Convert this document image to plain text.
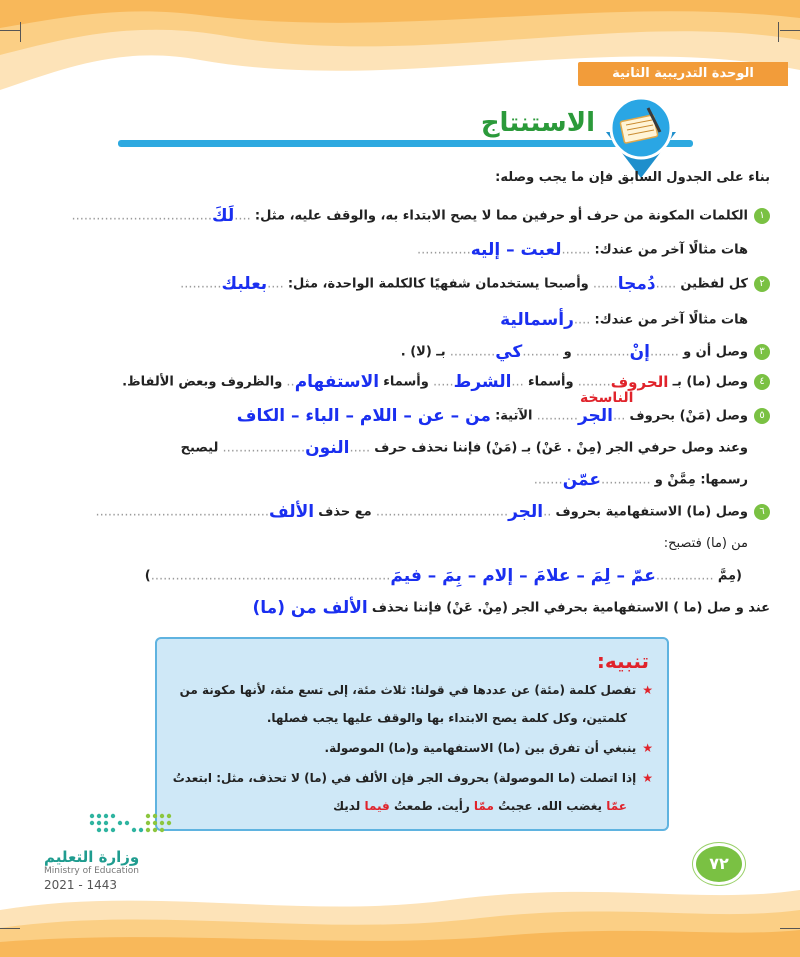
الوحدة التدريبية الثانية
الاستنتاج
بناء على الجدول السابق فإن ما يجب وصله:
١الكلمات المكونة من حرف أو حرفين مما لا يصح الابتداء به، والوقف عليه، مثل: ....لَكَ..................................
هات مثالًا آخر من عندك: .......لعبت – إليه.............
٢كل لفظين .....دُمجا...... وأصبحا يستخدمان شفهيًا كالكلمة الواحدة، مثل: ....بعلبك..........
هات مثالًا آخر من عندك: ....رأسمالية
٣وصل أن و .......إنْ............. و .........كي........... بـ (لا) .
٤وصل (ما) بـ الحروف........ وأسماء ...الشرط..... وأسماء الاستفهام.. والظروف وبعض الألفاظ.
٥وصل (مَنْ) بحروف
الناسخة
...الجر.......... الآتية: من – عن – اللام – الباء – الكاف
وعند وصل حرفي الجر (مِنْ . عَنْ) بـ (مَنْ) فإننا نحذف حرف .....النون.................... ليصبح
رسمها: مِمَّنْ و ............عمّن.......
٦وصل (ما) الاستفهامية بحروف ..الجر................................ مع حذف الألف..........................................
من (ما) فتصبح:
(مِمَّ ..............عمّ – لِمَ – علامَ – إلام – بِمَ – فيمَ..........................................................)
عند و صل (ما ) الاستفهامية بحرفي الجر (مِنْ. عَنْ) فإننا نحذف الألف من (ما)
تنبيه:
★تفصل كلمة (مئة) عن عددها في قولنا: ثلاث مئة، إلى تسع مئة، لأنها مكونة من
كلمتين، وكل كلمة يصح الابتداء بها والوقف عليها يجب فصلها.
★ينبغي أن تفرق بين (ما) الاستفهامية و(ما) الموصولة.
★إذا اتصلت (ما الموصولة) بحروف الجر فإن الألف في (ما) لا تحذف، مثل: ابتعدتُ
عمّا يغضب الله. عجبتُ ممّا رأيت. طمعتُ فيما لديك
وزارة التعليم
Ministry of Education
2021 - 1443
٧٢
